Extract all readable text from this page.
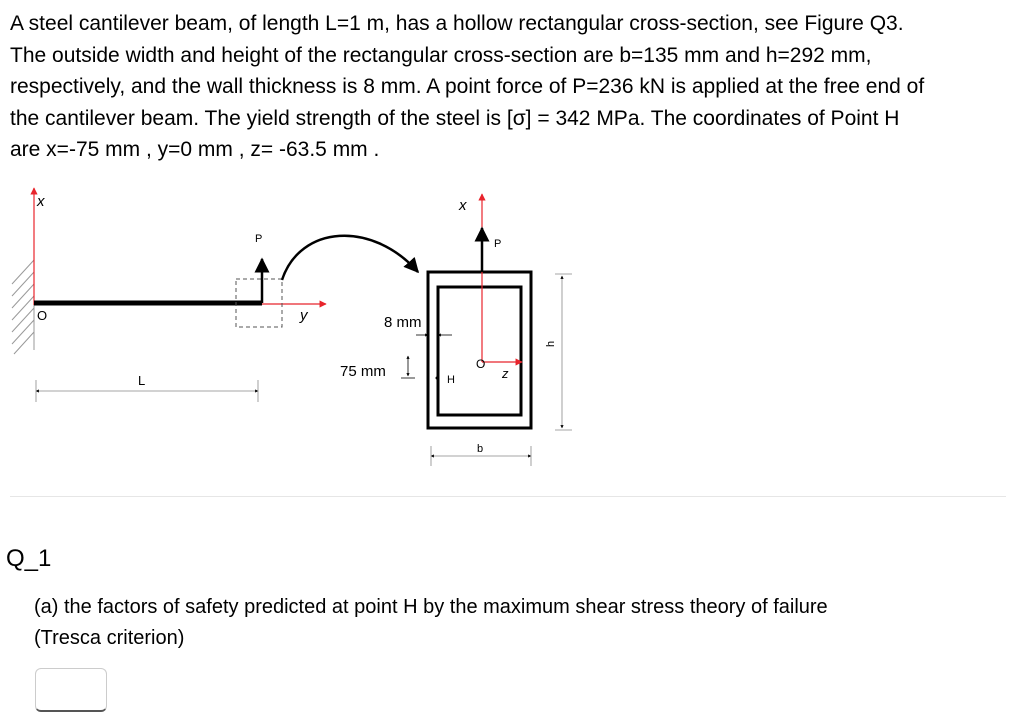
A steel cantilever beam, of length L=1 m, has a hollow rectangular cross-section, see Figure Q3.
The outside width and height of the rectangular cross-section are b=135 mm and h=292 mm,
respectively, and the wall thickness is 8 mm. A point force of P=236 kN is applied at the free end of
the cantilever beam. The yield strength of the steel is [σ] = 342 MPa. The coordinates of Point H
are x=-75 mm , y=0 mm , z= -63.5 mm .
x
y
O
P
L
x
z
O
P
8 mm
75 mm	H
b
h
Q_1
(a) the factors of safety predicted at point H by the maximum shear stress theory of failure
(Tresca criterion)
